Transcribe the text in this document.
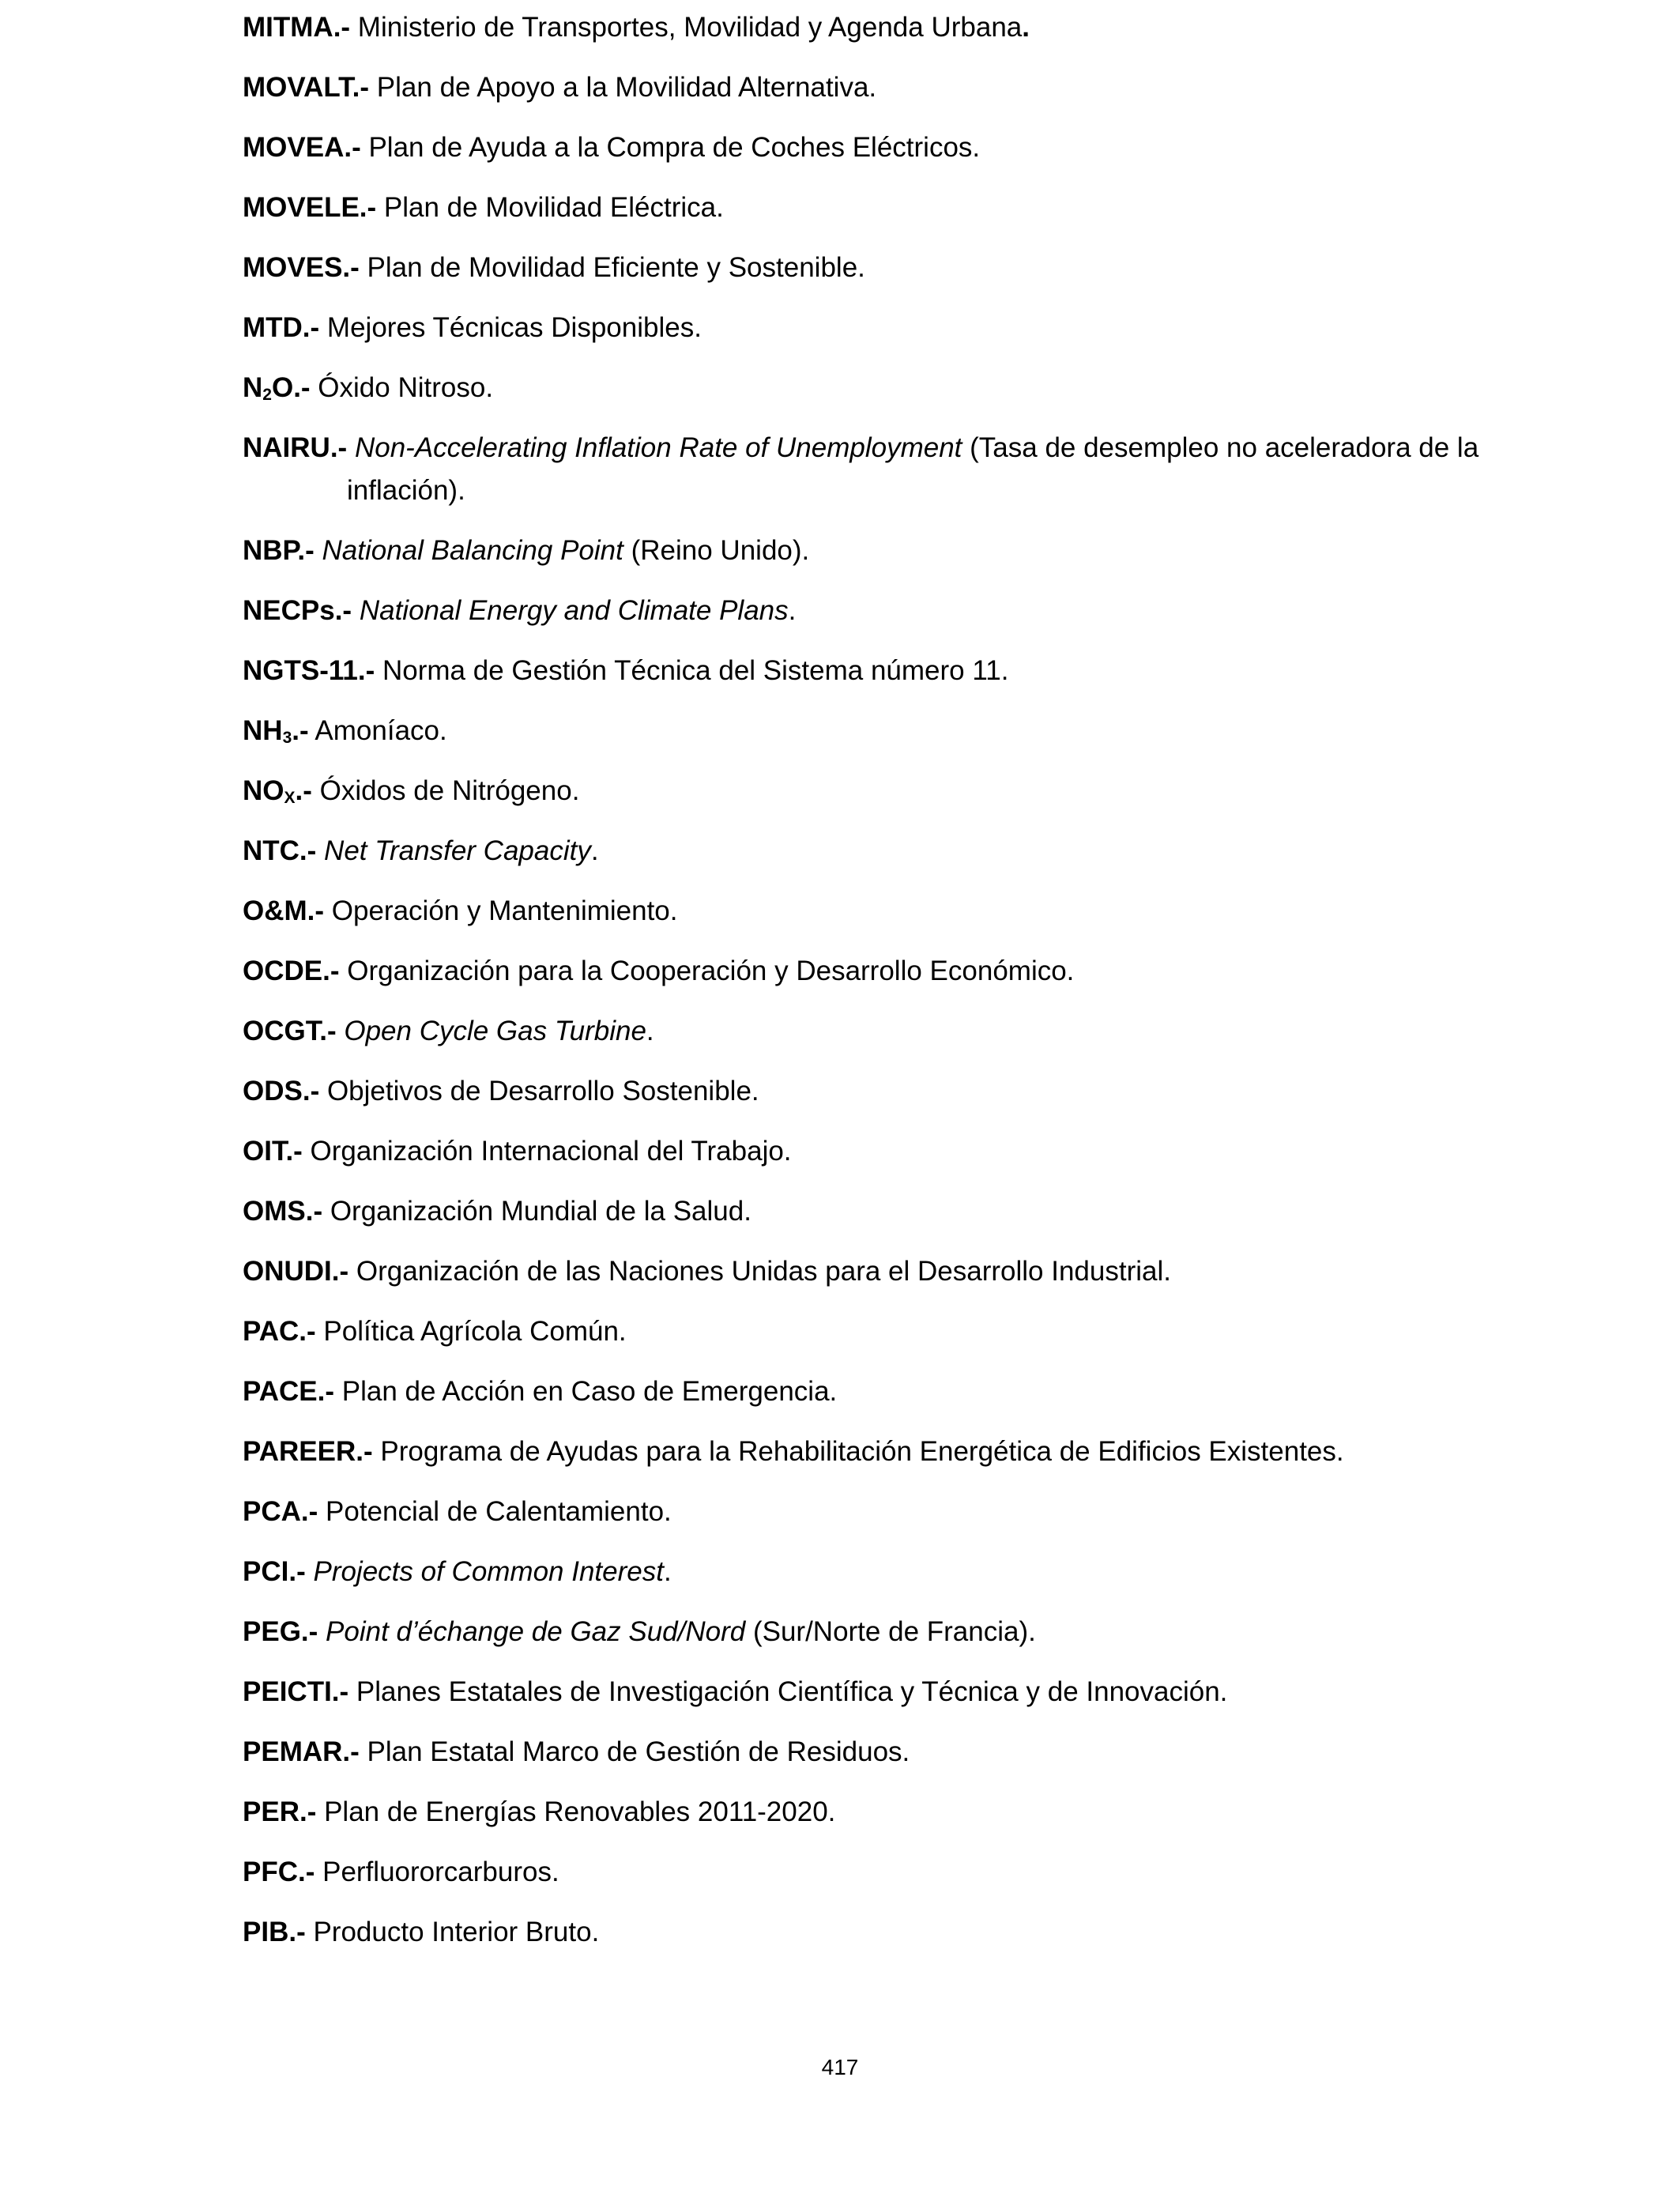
MITMA.- Ministerio de Transportes, Movilidad y Agenda Urbana.
MOVALT.- Plan de Apoyo a la Movilidad Alternativa.
MOVEA.- Plan de Ayuda a la Compra de Coches Eléctricos.
MOVELE.- Plan de Movilidad Eléctrica.
MOVES.- Plan de Movilidad Eficiente y Sostenible.
MTD.- Mejores Técnicas Disponibles.
$N_2O.-$ Óxido Nitroso.
NAIRU.- Non-Accelerating Inflation Rate of Unemployment (Tasa de desempleo no aceleradora de la inflación).
NBP.- National Balancing Point (Reino Unido).
NECPs.- National Energy and Climate Plans.
NGTS-11.- Norma de Gestión Técnica del Sistema número 11.
$NH_3.-$ Amoníaco.
$NO_X.-$ Óxidos de Nitrógeno.
NTC.- Net Transfer Capacity.
O&M.- Operación y Mantenimiento.
OCDE.- Organización para la Cooperación y Desarrollo Económico.
OCGT.- Open Cycle Gas Turbine.
ODS.- Objetivos de Desarrollo Sostenible.
OIT.- Organización Internacional del Trabajo.
OMS.- Organización Mundial de la Salud.
ONUDI.- Organización de las Naciones Unidas para el Desarrollo Industrial.
PAC.- Política Agrícola Común.
PACE.- Plan de Acción en Caso de Emergencia.
PAREER.- Programa de Ayudas para la Rehabilitación Energética de Edificios Existentes.
PCA.- Potencial de Calentamiento.
PCI.- Projects of Common Interest.
PEG.- Point d’échange de Gaz Sud/Nord (Sur/Norte de Francia).
PEICTI.- Planes Estatales de Investigación Científica y Técnica y de Innovación.
PEMAR.- Plan Estatal Marco de Gestión de Residuos.
PER.- Plan de Energías Renovables 2011-2020.
PFC.- Perfluororcarburos.
PIB.- Producto Interior Bruto.
417
